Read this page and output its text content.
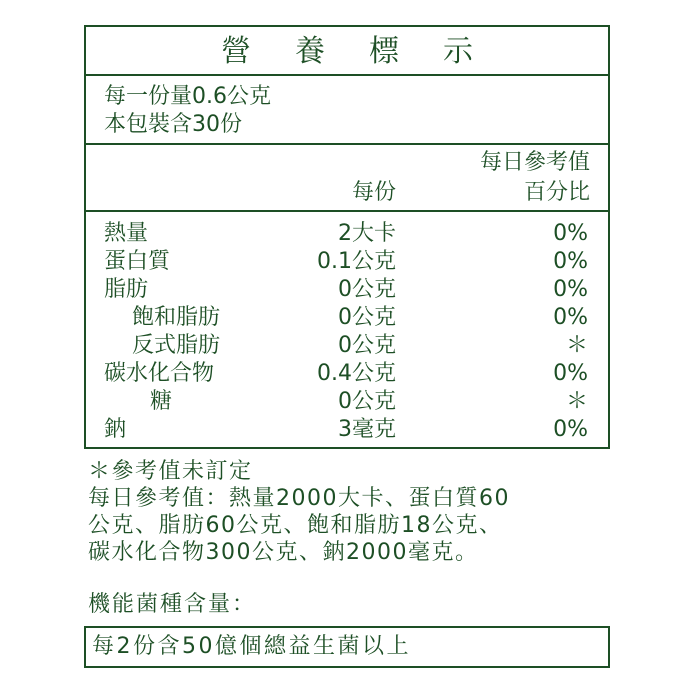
營養標示
每一份量0.6公克
本包裝含30份
每日參考值
每份	百分比
熱量	2大卡	0%
蛋白質	0.1公克	0%
脂肪	0公克	0%
飽和脂肪	0公克	0%
反式脂肪	0公克	＊
碳水化合物	0.4公克	0%
糖	0公克	＊
鈉	3毫克	0%
＊參考值未訂定
每日參考值：熱量2000大卡、蛋白質60
公克、脂肪60公克、飽和脂肪18公克、
碳水化合物300公克、鈉2000毫克。
機能菌種含量：
每2份含50億個總益生菌以上
